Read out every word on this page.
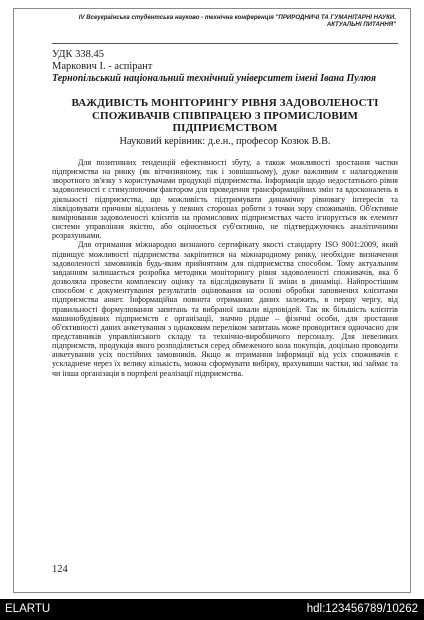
IV Всеукраїнська студентська науково - технічна конференція "ПРИРОДНИЧІ ТА ГУМАНІТАРНІ НАУКИ.
АКТУАЛЬНІ ПИТАННЯ"
УДК 338.45
Маркович І. - аспірант
Тернопільський національний технічний університет імені Івана Пулюя
ВАЖДИВІСТЬ МОНІТОРИНГУ РІВНЯ ЗАДОВОЛЕНОСТІ
СПОЖИВАЧІВ СПІВПРАЦЕЮ З ПРОМИСЛОВИМ
ПІДПРИЄМСТВОМ
Науковий керівник: д.е.н., професор Козюк В.В.

Для позитивних тенденцій ефективності збуту, а також можливості зростання частки підприємства на ринку (як вітчизняному, так і зовнішньому), дуже важливим є налагодження зворотного зв'язку з користувачами продукції підприємства. Інформація щодо недостатнього рівня задоволеності є стимулюючим фактором для проведення трансформаційних змін та вдосконалень в діяльності підприємства, що можливість підтримувати динамічну рівновагу інтересів та ліквідовувати причини відхилень у певних сторонах роботи з точки зору споживачів. Об'єктивне вимірювання задоволеності клієнтів на промислових підприємствах часто ігнорується як елемент системи управління якістю, або оцінюється суб'єктивно, не підтверджуючись аналітичними розрахунками.

Для отримання міжнародно визнаного сертифікату якості стандарту ISO 9001:2009, який підвищує можливості підприємства закріпитися на міжнародному ринку, необхідне визначення задоволеності замовників будь-яким прийнятним для підприємства способом. Тому актуальним завданням залишається розробка методики моніторингу рівня задоволеності споживачів, яка б дозволяла провести комплексну оцінку та відслідковувати її зміни в динаміці. Найпростішим способом є документування результатів оцінювання на основі обробки заповнених клієнтами підприємства анкет. Інформаційна повнота отриманих даних залежить, в першу чергу, від правильності формулювання запитань та вибраної шкали відповідей. Так як більшість клієнтів машинобудівних підприємств є організації, значно рідше – фізичні особи, для зростання об'єктивності даних анкетування з однаковим переліком запитань може проводитися одночасно для представників управлінського складу та технічно-виробничого персоналу. Для невеликих підприємств, продукція якого розподіляється серед обмеженого кола покупців, доцільно проводити анкетування усіх постійних замовників. Якщо ж отримання інформації від усіх споживачів є ускладнене через їх велику кількість, можна сформувати вибірку, врахувавши частки, які займає та чи інша організація в портфелі реалізації підприємства.

124
ELARTU	hdl:123456789/10262
